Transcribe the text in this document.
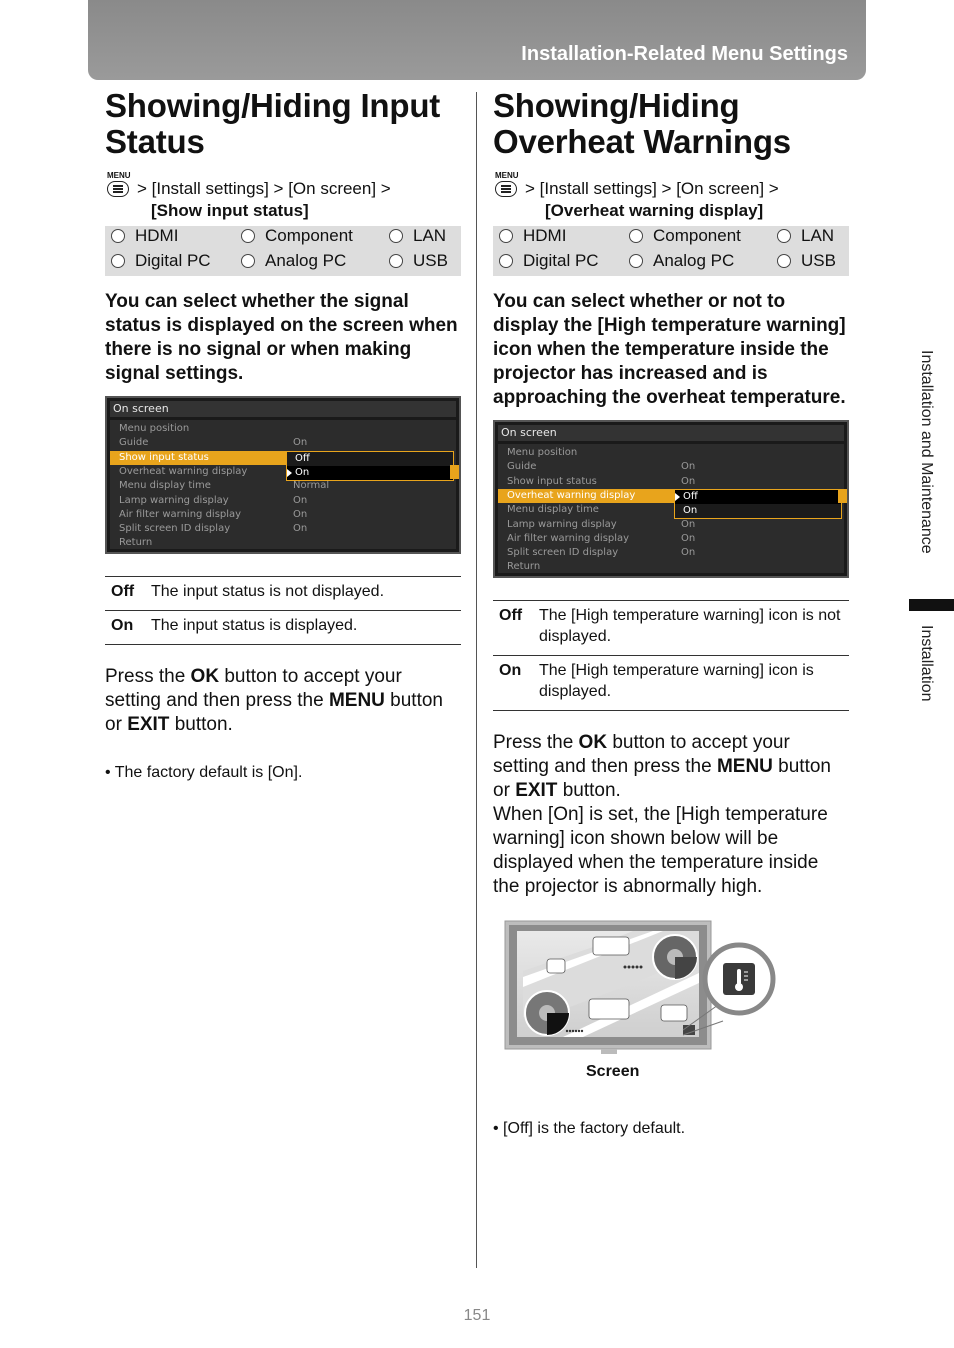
Installation-Related Menu Settings
Showing/Hiding Input Status
MENU
> [Install settings] > [On screen] >
[Show input status]
HDMI	Component	LAN
Digital PC	Analog PC	USB

You can select whether the signal status is displayed on the screen when there is no signal or when making signal settings.

On screen
Menu position
Guide	On
Show input status
Overheat warning display
Menu display time	Normal
Lamp warning display	On
Air filter warning display	On
Split screen ID display	On
Return
Off
On
Off	The input status is not displayed.
On	The input status is displayed.

Press the OK button to accept your setting and then press the MENU button or EXIT button.

• The factory default is [On].

Showing/Hiding Overheat Warnings
MENU
> [Install settings] > [On screen] >
[Overheat warning display]
HDMI	Component	LAN
Digital PC	Analog PC	USB

You can select whether or not to display the [High temperature warning] icon when the temperature inside the projector has increased and is approaching the overheat temperature.

On screen
Menu position
Guide	On
Show input status	On
Overheat warning display
Menu display time
Lamp warning display	On
Air filter warning display	On
Split screen ID display	On
Return
Off
On
Off	The [High temperature warning] icon is not displayed.
On	The [High temperature warning] icon is displayed.

Press the OK button to accept your setting and then press the MENU button or EXIT button.

When [On] is set, the [High temperature warning] icon shown below will be displayed when the temperature inside the projector is abnormally high.

Screen

• [Off] is the factory default.

Installation and Maintenance
Installation
151
